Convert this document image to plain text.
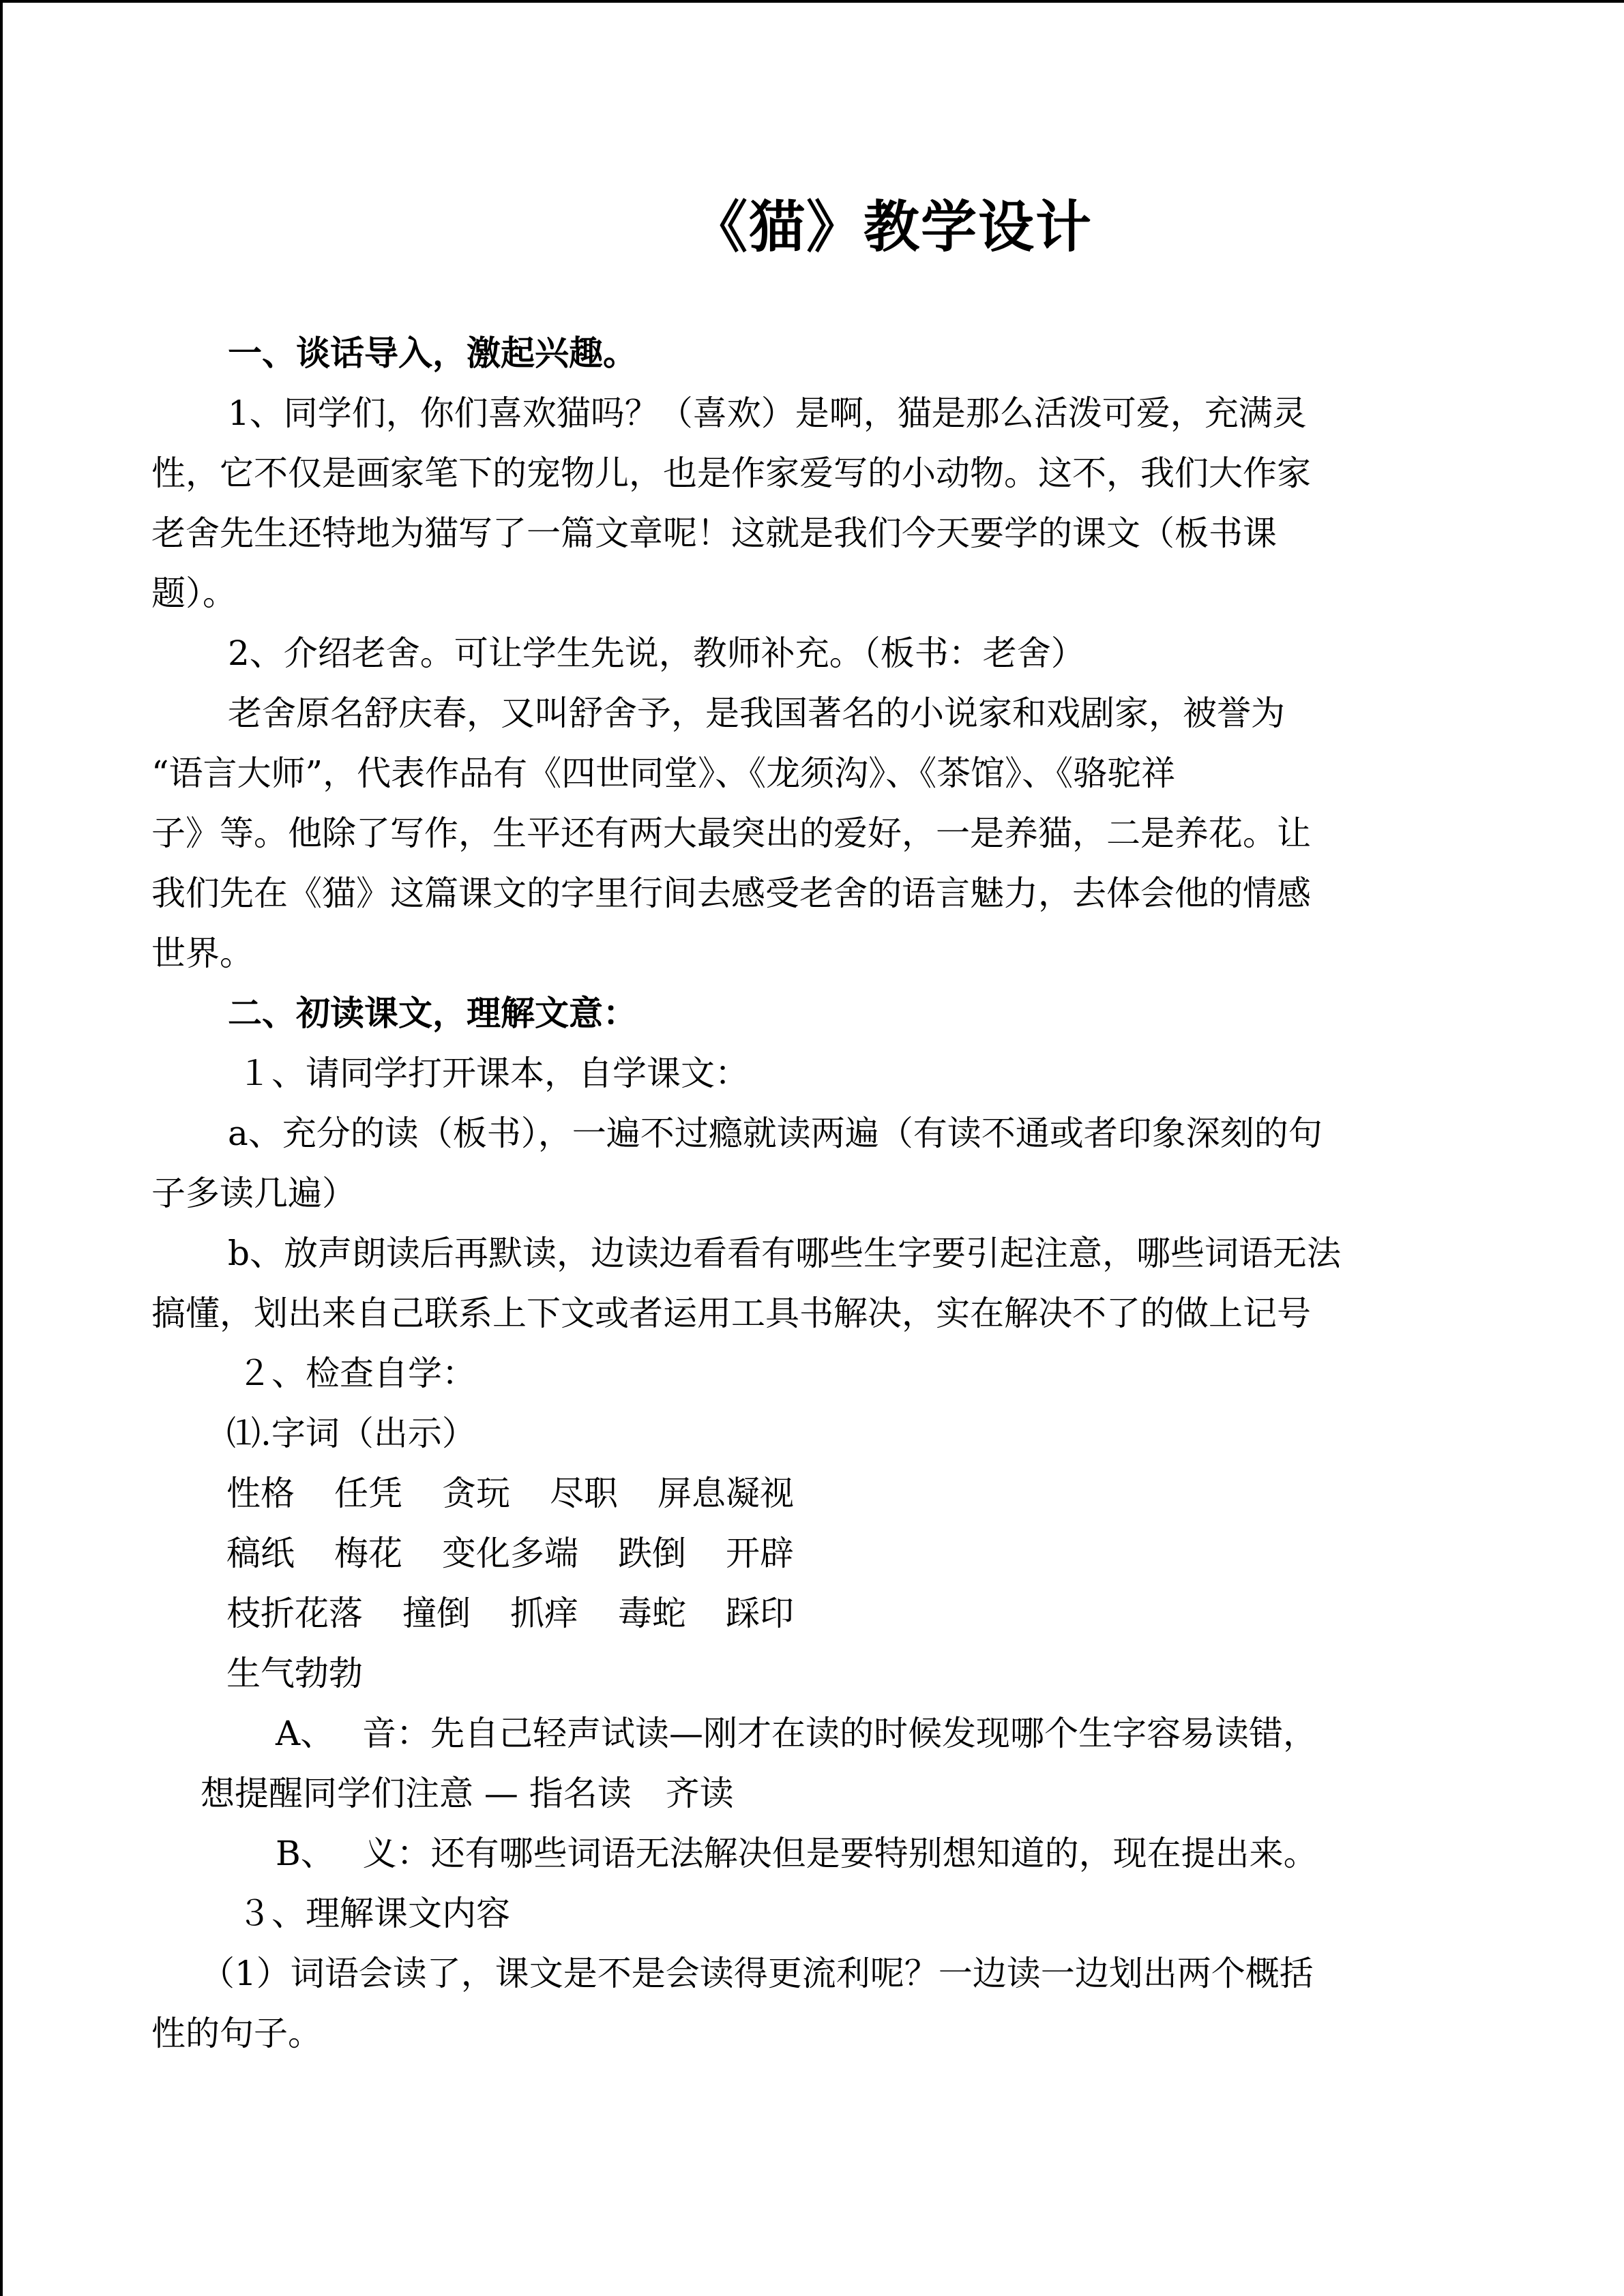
《猫》教学设计

一、谈话导入，激起兴趣。

1、同学们，你们喜欢猫吗？（喜欢）是啊，猫是那么活泼可爱，充满灵

性，它不仅是画家笔下的宠物儿，也是作家爱写的小动物。这不，我们大作家

老舍先生还特地为猫写了一篇文章呢！这就是我们今天要学的课文（板书课

题）。

2、介绍老舍。可让学生先说，教师补充。（板书：老舍）

老舍原名舒庆春，又叫舒舍予，是我国著名的小说家和戏剧家，被誉为

“语言大师”，代表作品有《四世同堂》、《龙须沟》、《茶馆》、《骆驼祥

子》等。他除了写作，生平还有两大最突出的爱好，一是养猫，二是养花。让

我们先在《猫》这篇课文的字里行间去感受老舍的语言魅力，去体会他的情感

世界。

二、初读课文，理解文意：

１、请同学打开课本，自学课文：

a、充分的读（板书），一遍不过瘾就读两遍（有读不通或者印象深刻的句

子多读几遍）

b、放声朗读后再默读，边读边看看有哪些生字要引起注意，哪些词语无法

搞懂，划出来自己联系上下文或者运用工具书解决，实在解决不了的做上记号

２、检查自学：

⑴.字词（出示）

性格 任凭 贪玩 尽职 屏息凝视

稿纸 梅花 变化多端 跌倒 开辟

枝折花落 撞倒 抓痒 毒蛇 踩印

生气勃勃

A、　 音：先自己轻声试读—刚才在读的时候发现哪个生字容易读错，

想提醒同学们注意 — 指名读　齐读

B、　 义：还有哪些词语无法解决但是要特别想知道的，现在提出来。

３、理解课文内容

（1）词语会读了，课文是不是会读得更流利呢？一边读一边划出两个概括

性的句子。
